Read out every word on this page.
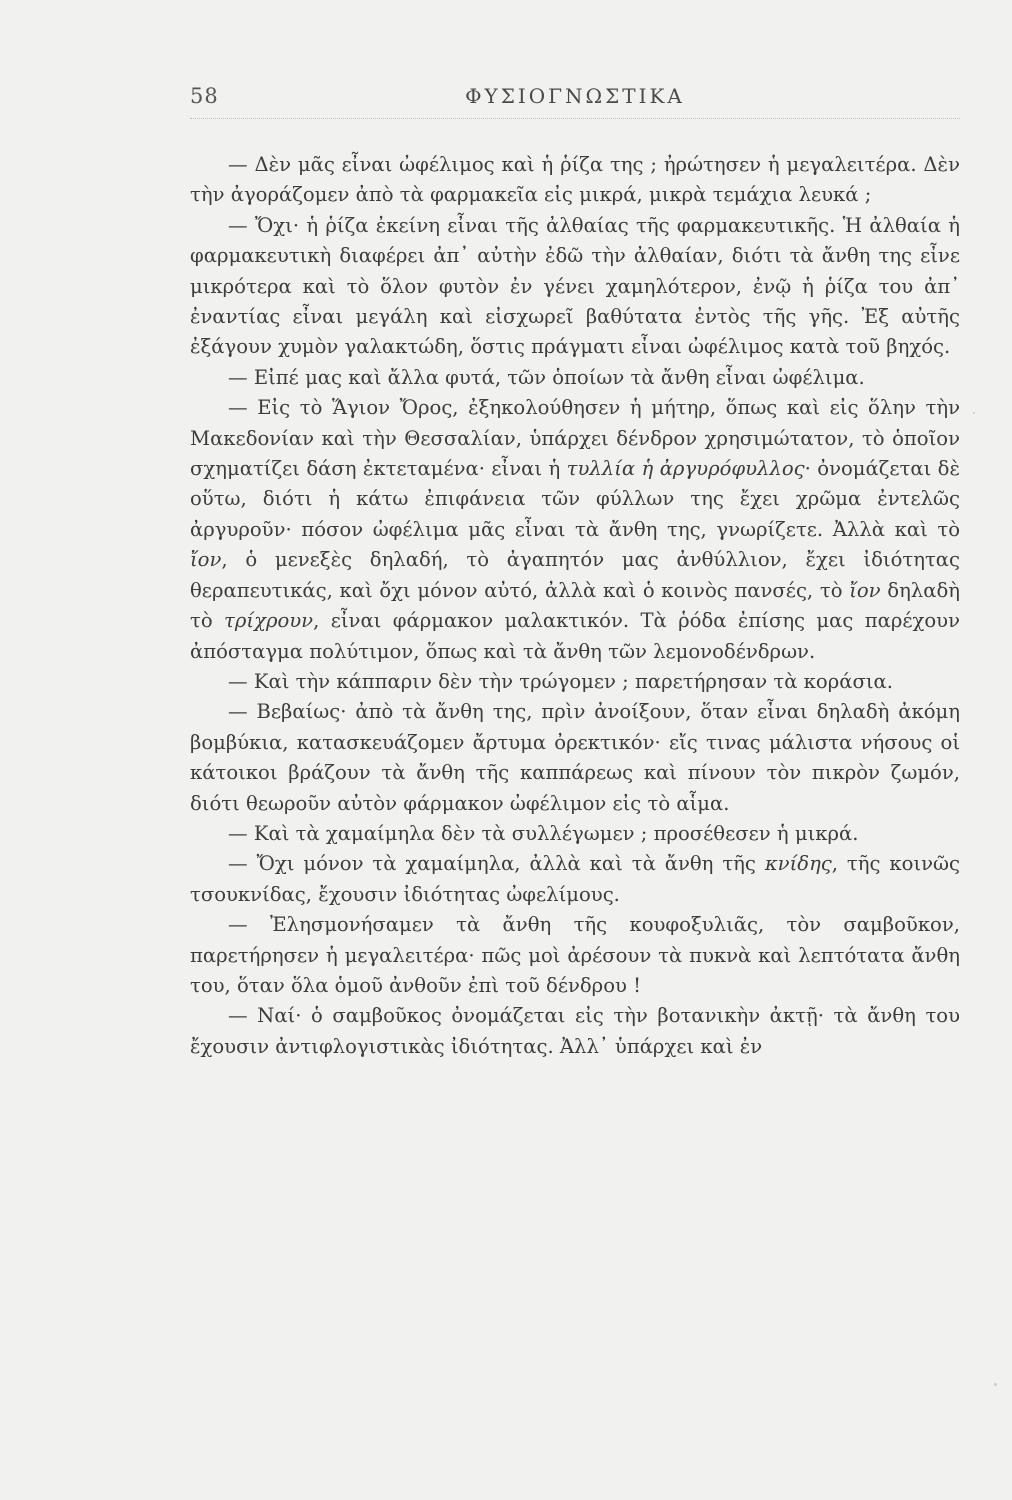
58	ΦΥΣΙΟΓΝΩΣΤΙΚΑ

— Δὲν μᾶς εἶναι ὠφέλιμος καὶ ἡ ῥίζα της ; ἠρώτησεν ἡ μεγαλειτέρα. Δὲν τὴν ἀγοράζομεν ἀπὸ τὰ φαρμακεῖα εἰς μικρά, μικρὰ τεμάχια λευκά ;

— Ὄχι· ἡ ῥίζα ἐκείνη εἶναι τῆς ἀλθαίας τῆς φαρμακευτικῆς. Ἡ ἀλθαία ἡ φαρμακευτικὴ διαφέρει ἀπ᾽ αὐτὴν ἐδῶ τὴν ἀλθαίαν, διότι τὰ ἄνθη της εἶνε μικρότερα καὶ τὸ ὅλον φυτὸν ἐν γένει χαμηλότερον, ἐνῷ ἡ ῥίζα του ἀπ᾽ ἐναντίας εἶναι μεγάλη καὶ εἰσχωρεῖ βαθύτατα ἐντὸς τῆς γῆς. Ἐξ αὐτῆς ἐξάγουν χυμὸν γαλακτώδη, ὅστις πράγματι εἶναι ὠφέλιμος κατὰ τοῦ βηχός.

— Εἰπέ μας καὶ ἄλλα φυτά, τῶν ὁποίων τὰ ἄνθη εἶναι ὠφέλιμα.

— Εἰς τὸ Ἅγιον Ὄρος, ἐξηκολούθησεν ἡ μήτηρ, ὅπως καὶ εἰς ὅλην τὴν Μακεδονίαν καὶ τὴν Θεσσαλίαν, ὑπάρχει δένδρον χρησιμώτατον, τὸ ὁποῖον σχηματίζει δάση ἐκτεταμένα· εἶναι ἡ τυλλία ἡ ἀργυρόφυλλος· ὀνομάζεται δὲ οὕτω, διότι ἡ κάτω ἐπιφάνεια τῶν φύλλων της ἔχει χρῶμα ἐντελῶς ἀργυροῦν· πόσον ὠφέλιμα μᾶς εἶναι τὰ ἄνθη της, γνωρίζετε. Ἀλλὰ καὶ τὸ ἴον, ὁ μενεξὲς δηλαδή, τὸ ἀγαπητόν μας ἀνθύλλιον, ἔχει ἰδιότητας θεραπευτικάς, καὶ ὄχι μόνον αὐτό, ἀλλὰ καὶ ὁ κοινὸς πανσές, τὸ ἴον δηλαδὴ τὸ τρίχρουν, εἶναι φάρμακον μαλακτικόν. Τὰ ῥόδα ἐπίσης μας παρέχουν ἀπόσταγμα πολύτιμον, ὅπως καὶ τὰ ἄνθη τῶν λεμονοδένδρων.

— Καὶ τὴν κάππαριν δὲν τὴν τρώγομεν ; παρετήρησαν τὰ κοράσια.

— Βεβαίως· ἀπὸ τὰ ἄνθη της, πρὶν ἀνοίξουν, ὅταν εἶναι δηλαδὴ ἀκόμη βομβύκια, κατασκευάζομεν ἄρτυμα ὀρεκτικόν· εἴς τινας μάλιστα νήσους οἱ κάτοικοι βράζουν τὰ ἄνθη τῆς καππάρεως καὶ πίνουν τὸν πικρὸν ζωμόν, διότι θεωροῦν αὐτὸν φάρμακον ὠφέλιμον εἰς τὸ αἷμα.

— Καὶ τὰ χαμαίμηλα δὲν τὰ συλλέγωμεν ; προσέθεσεν ἡ μικρά.

— Ὄχι μόνον τὰ χαμαίμηλα, ἀλλὰ καὶ τὰ ἄνθη τῆς κνίδης, τῆς κοινῶς τσουκνίδας, ἔχουσιν ἰδιότητας ὠφελίμους.

— Ἐλησμονήσαμεν τὰ ἄνθη τῆς κουφοξυλιᾶς, τὸν σαμβοῦκον, παρετήρησεν ἡ μεγαλειτέρα· πῶς μοὶ ἀρέσουν τὰ πυκνὰ καὶ λεπτότατα ἄνθη του, ὅταν ὅλα ὁμοῦ ἀνθοῦν ἐπὶ τοῦ δένδρου !

— Ναί· ὁ σαμβοῦκος ὀνομάζεται εἰς τὴν βοτανικὴν ἀκτῇ· τὰ ἄνθη του ἔχουσιν ἀντιφλογιστικὰς ἰδιότητας. Ἀλλ᾽ ὑπάρχει καὶ ἐν
